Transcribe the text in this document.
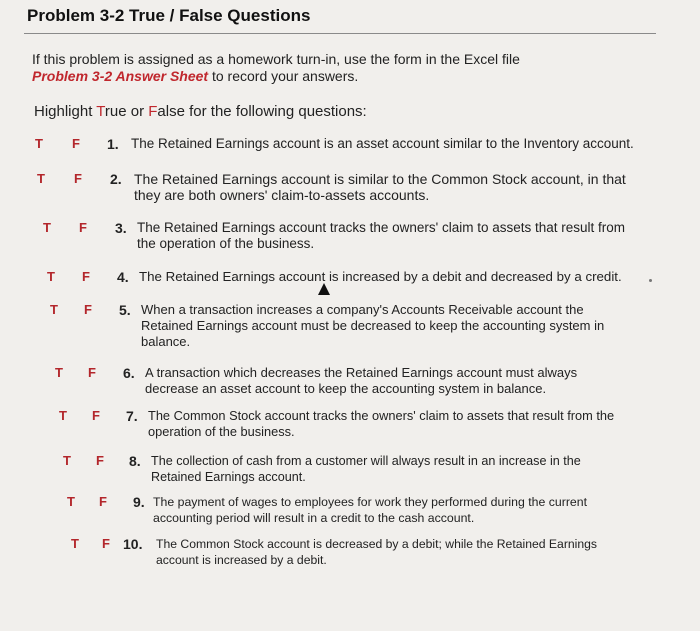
Problem 3-2 True / False Questions
If this problem is assigned as a homework turn-in, use the form in the Excel file
Problem 3-2 Answer Sheet to record your answers.
Highlight True or False for the following questions:
T F 1. The Retained Earnings account is an asset account similar to the Inventory account.
T F 2. The Retained Earnings account is similar to the Common Stock account, in that they are both owners' claim-to-assets accounts.
T F 3. The Retained Earnings account tracks the owners' claim to assets that result from the operation of the business.
T F 4. The Retained Earnings account is increased by a debit and decreased by a credit.
T F 5. When a transaction increases a company's Accounts Receivable account the Retained Earnings account must be decreased to keep the accounting system in balance.
T F 6. A transaction which decreases the Retained Earnings account must always decrease an asset account to keep the accounting system in balance.
T F 7. The Common Stock account tracks the owners' claim to assets that result from the operation of the business.
T F 8. The collection of cash from a customer will always result in an increase in the Retained Earnings account.
T F 9. The payment of wages to employees for work they performed during the current accounting period will result in a credit to the cash account.
T F 10. The Common Stock account is decreased by a debit; while the Retained Earnings account is increased by a debit.
